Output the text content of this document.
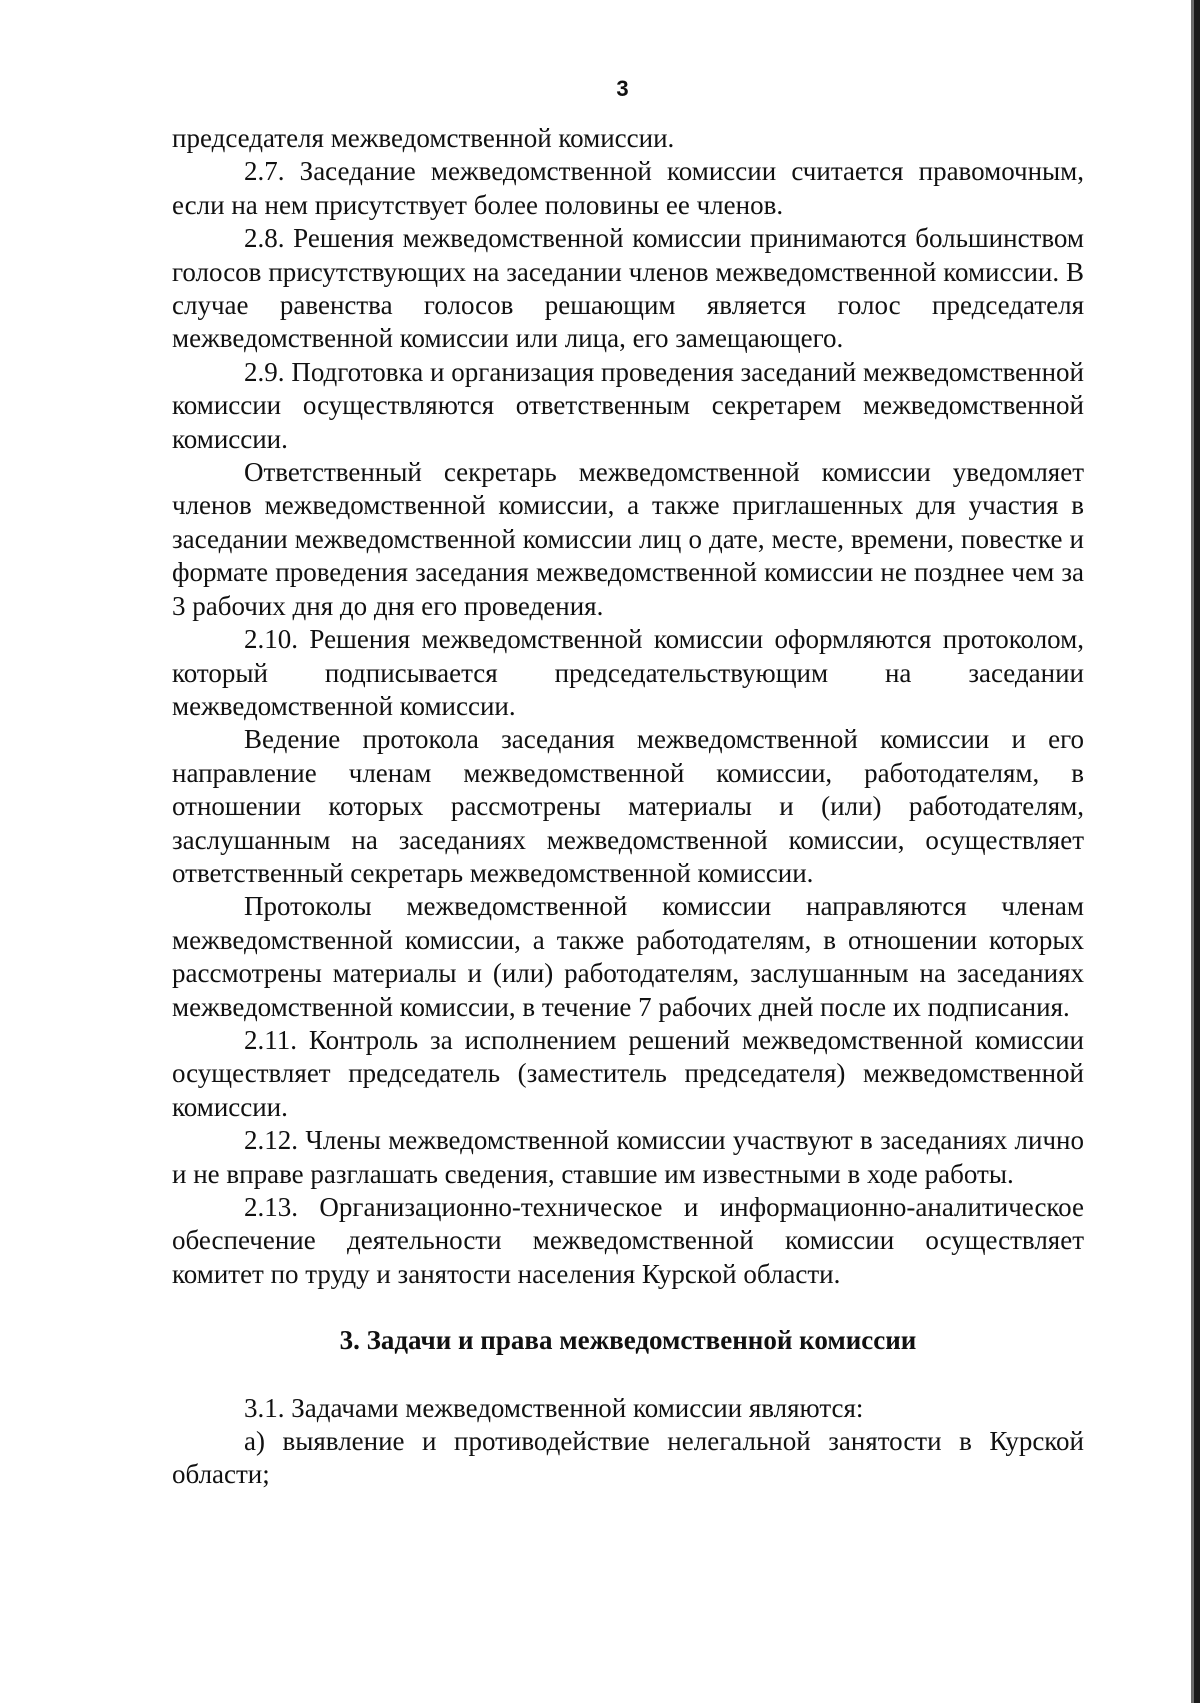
3

председателя межведомственной комиссии.

2.7. Заседание межведомственной комиссии считается правомочным, если на нем присутствует более половины ее членов.

2.8. Решения межведомственной комиссии принимаются большинством голосов присутствующих на заседании членов межведомственной комиссии. В случае равенства голосов решающим является голос председателя межведомственной комиссии или лица, его замещающего.

2.9. Подготовка и организация проведения заседаний межведомственной комиссии осуществляются ответственным секретарем межведомственной комиссии.

Ответственный секретарь межведомственной комиссии уведомляет членов межведомственной комиссии, а также приглашенных для участия в заседании межведомственной комиссии лиц о дате, месте, времени, повестке и формате проведения заседания межведомственной комиссии не позднее чем за 3 рабочих дня до дня его проведения.

2.10. Решения межведомственной комиссии оформляются протоколом, который подписывается председательствующим на заседании межведомственной комиссии.

Ведение протокола заседания межведомственной комиссии и его направление членам межведомственной комиссии, работодателям, в отношении которых рассмотрены материалы и (или) работодателям, заслушанным на заседаниях межведомственной комиссии, осуществляет ответственный секретарь межведомственной комиссии.

Протоколы межведомственной комиссии направляются членам межведомственной комиссии, а также работодателям, в отношении которых рассмотрены материалы и (или) работодателям, заслушанным на заседаниях межведомственной комиссии, в течение 7 рабочих дней после их подписания.

2.11. Контроль за исполнением решений межведомственной комиссии осуществляет председатель (заместитель председателя) межведомственной комиссии.

2.12. Члены межведомственной комиссии участвуют в заседаниях лично и не вправе разглашать сведения, ставшие им известными в ходе работы.

2.13. Организационно-техническое и информационно-аналитическое обеспечение деятельности межведомственной комиссии осуществляет комитет по труду и занятости населения Курской области.

3. Задачи и права межведомственной комиссии

3.1. Задачами межведомственной комиссии являются:

а) выявление и противодействие нелегальной занятости в Курской области;
